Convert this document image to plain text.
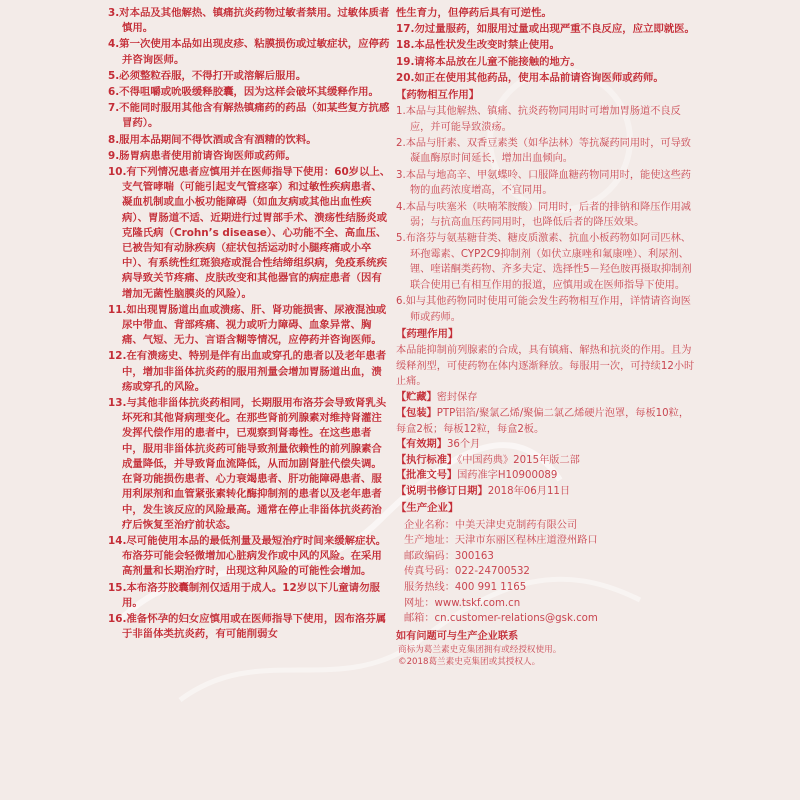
3.对本品及其他解热、镇痛抗炎药物过敏者禁用。过敏体质者慎用。

4.第一次使用本品如出现皮疹、粘膜损伤或过敏症状，应停药并咨询医师。

5.必须整粒吞服，不得打开或溶解后服用。

6.不得咀嚼或吮吸缓释胶囊，因为这样会破坏其缓释作用。

7.不能同时服用其他含有解热镇痛药的药品（如某些复方抗感冒药）。

8.服用本品期间不得饮酒或含有酒精的饮料。

9.肠胃病患者使用前请咨询医师或药师。

10.有下列情况患者应慎用并在医师指导下使用：60岁以上、支气管哮喘（可能引起支气管痉挛）和过敏性疾病患者、凝血机制或血小板功能障碍（如血友病或其他出血性疾病）、胃肠道不适、近期进行过胃部手术、溃疡性结肠炎或克隆氏病（Crohn’s disease）、心功能不全、高血压、已被告知有动脉疾病（症状包括运动时小腿疼痛或小卒中）、有系统性红斑狼疮或混合性结缔组织病，免疫系统疾病导致关节疼痛、皮肤改变和其他器官的病症患者（因有增加无菌性脑膜炎的风险）。

11.如出现胃肠道出血或溃疡、肝、肾功能损害、尿液混浊或尿中带血、背部疼痛、视力或听力障碍、血象异常、胸痛、气短、无力、言语含糊等情况，应停药并咨询医师。

12.在有溃疡史、特别是伴有出血或穿孔的患者以及老年患者中，增加非甾体抗炎药的服用剂量会增加胃肠道出血，溃疡或穿孔的风险。

13.与其他非甾体抗炎药相同，长期服用布洛芬会导致肾乳头坏死和其他肾病理变化。在那些肾前列腺素对维持肾灌注发挥代偿作用的患者中，已观察到肾毒性。在这些患者中，服用非甾体抗炎药可能导致剂量依赖性的前列腺素合成量降低，并导致肾血流降低，从而加剧肾脏代偿失调。在肾功能损伤患者、心力衰竭患者、肝功能障碍患者、服用利尿剂和血管紧张素转化酶抑制剂的患者以及老年患者中，发生该反应的风险最高。通常在停止非甾体抗炎药治疗后恢复至治疗前状态。

14.尽可能使用本品的最低剂量及最短治疗时间来缓解症状。布洛芬可能会轻微增加心脏病发作或中风的风险。在采用高剂量和长期治疗时，出现这种风险的可能性会增加。

15.本布洛芬胶囊制剂仅适用于成人。12岁以下儿童请勿服用。

16.准备怀孕的妇女应慎用或在医师指导下使用，因布洛芬属于非甾体类抗炎药，有可能削弱女

性生育力，但停药后具有可逆性。

17.勿过量服药，如服用过量或出现严重不良反应，应立即就医。

18.本品性状发生改变时禁止使用。

19.请将本品放在儿童不能接触的地方。

20.如正在使用其他药品，使用本品前请咨询医师或药师。

【药物相互作用】

1.本品与其他解热、镇痛、抗炎药物同用时可增加胃肠道不良反应，并可能导致溃疡。

2.本品与肝素、双香豆素类（如华法林）等抗凝药同用时，可导致凝血酶原时间延长，增加出血倾向。

3.本品与地高辛、甲氨蝶呤、口服降血糖药物同用时，能使这些药物的血药浓度增高，不宜同用。

4.本品与呋塞米（呋喃苯胺酸）同用时，后者的排钠和降压作用减弱；与抗高血压药同用时，也降低后者的降压效果。

5.布洛芬与氨基糖苷类、糖皮质激素、抗血小板药物如阿司匹林、环孢霉素、CYP2C9抑制剂（如伏立康唑和氟康唑）、利尿剂、锂、喹诺酮类药物、齐多夫定、选择性5－羟色胺再摄取抑制剂联合使用已有相互作用的报道，应慎用或在医师指导下使用。

6.如与其他药物同时使用可能会发生药物相互作用，详情请咨询医师或药师。

【药理作用】

本品能抑制前列腺素的合成，具有镇痛、解热和抗炎的作用。且为缓释剂型，可使药物在体内逐渐释放。每服用一次，可持续12小时止痛。

【贮藏】密封保存

【包装】PTP铝箔/聚氯乙烯/聚偏二氯乙烯硬片泡罩，每板10粒，每盒2板；每板12粒，每盒2板。

【有效期】36个月

【执行标准】《中国药典》2015年版二部

【批准文号】国药准字H10900089

【说明书修订日期】2018年06月11日

【生产企业】

企业名称：中美天津史克制药有限公司

生产地址：天津市东丽区程林庄道澄州路口

邮政编码：300163

传真号码：022-24700532

服务热线：400 991 1165

网址：www.tskf.com.cn

邮箱：cn.customer-relations@gsk.com

如有问题可与生产企业联系

商标为葛兰素史克集团拥有或经授权使用。

©2018葛兰素史克集团或其授权人。
